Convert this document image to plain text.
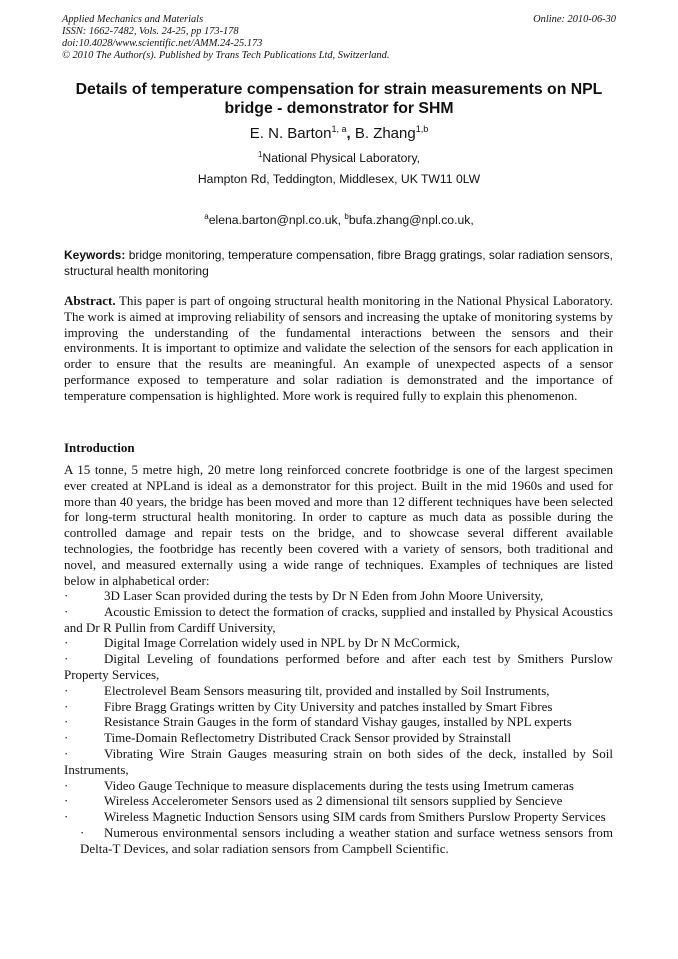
Applied Mechanics and Materials
ISSN: 1662-7482, Vols. 24-25, pp 173-178
doi:10.4028/www.scientific.net/AMM.24-25.173
© 2010 The Author(s). Published by Trans Tech Publications Ltd, Switzerland.
Online: 2010-06-30
Details of temperature compensation for strain measurements on NPL
bridge - demonstrator for SHM
E. N. Barton$^{1, a}$, B. Zhang$^{1,b}$
$^1$National Physical Laboratory,
Hampton Rd, Teddington, Middlesex, UK TW11 0LW
$^a$elena.barton@npl.co.uk, $^b$bufa.zhang@npl.co.uk,
Keywords: bridge monitoring, temperature compensation, fibre Bragg gratings, solar radiation sensors, structural health monitoring
Abstract. This paper is part of ongoing structural health monitoring in the National Physical Laboratory. The work is aimed at improving reliability of sensors and increasing the uptake of monitoring systems by improving the understanding of the fundamental interactions between the sensors and their environments. It is important to optimize and validate the selection of the sensors for each application in order to ensure that the results are meaningful. An example of unexpected aspects of a sensor performance exposed to temperature and solar radiation is demonstrated and the importance of temperature compensation is highlighted. More work is required fully to explain this phenomenon.
Introduction
A 15 tonne, 5 metre high, 20 metre long reinforced concrete footbridge is one of the largest specimen ever created at NPLand is ideal as a demonstrator for this project. Built in the mid 1960s and used for more than 40 years, the bridge has been moved and more than 12 different techniques have been selected for long-term structural health monitoring. In order to capture as much data as possible during the controlled damage and repair tests on the bridge, and to showcase several different available technologies, the footbridge has recently been covered with a variety of sensors, both traditional and novel, and measured externally using a wide range of techniques. Examples of techniques are listed below in alphabetical order:

·	3D Laser Scan provided during the tests by Dr N Eden from John Moore University,

·	Acoustic Emission to detect the formation of cracks, supplied and installed by Physical Acoustics and Dr R Pullin from Cardiff University,

·	Digital Image Correlation widely used in NPL by Dr N McCormick,

·	Digital Leveling of foundations performed before and after each test by Smithers Purslow Property Services,

·	Electrolevel Beam Sensors measuring tilt, provided and installed by Soil Instruments,

·	Fibre Bragg Gratings written by City University and patches installed by Smart Fibres

·	Resistance Strain Gauges in the form of standard Vishay gauges, installed by NPL experts

·	Time-Domain Reflectometry Distributed Crack Sensor provided by Strainstall

·	Vibrating Wire Strain Gauges measuring strain on both sides of the deck, installed by Soil Instruments,

·	Video Gauge Technique to measure displacements during the tests using Imetrum cameras

·	Wireless Accelerometer Sensors used as 2 dimensional tilt sensors supplied by Sencieve

·	Wireless Magnetic Induction Sensors using SIM cards from Smithers Purslow Property Services

· Numerous environmental sensors including a weather station and surface wetness sensors from Delta-T Devices, and solar radiation sensors from Campbell Scientific.
